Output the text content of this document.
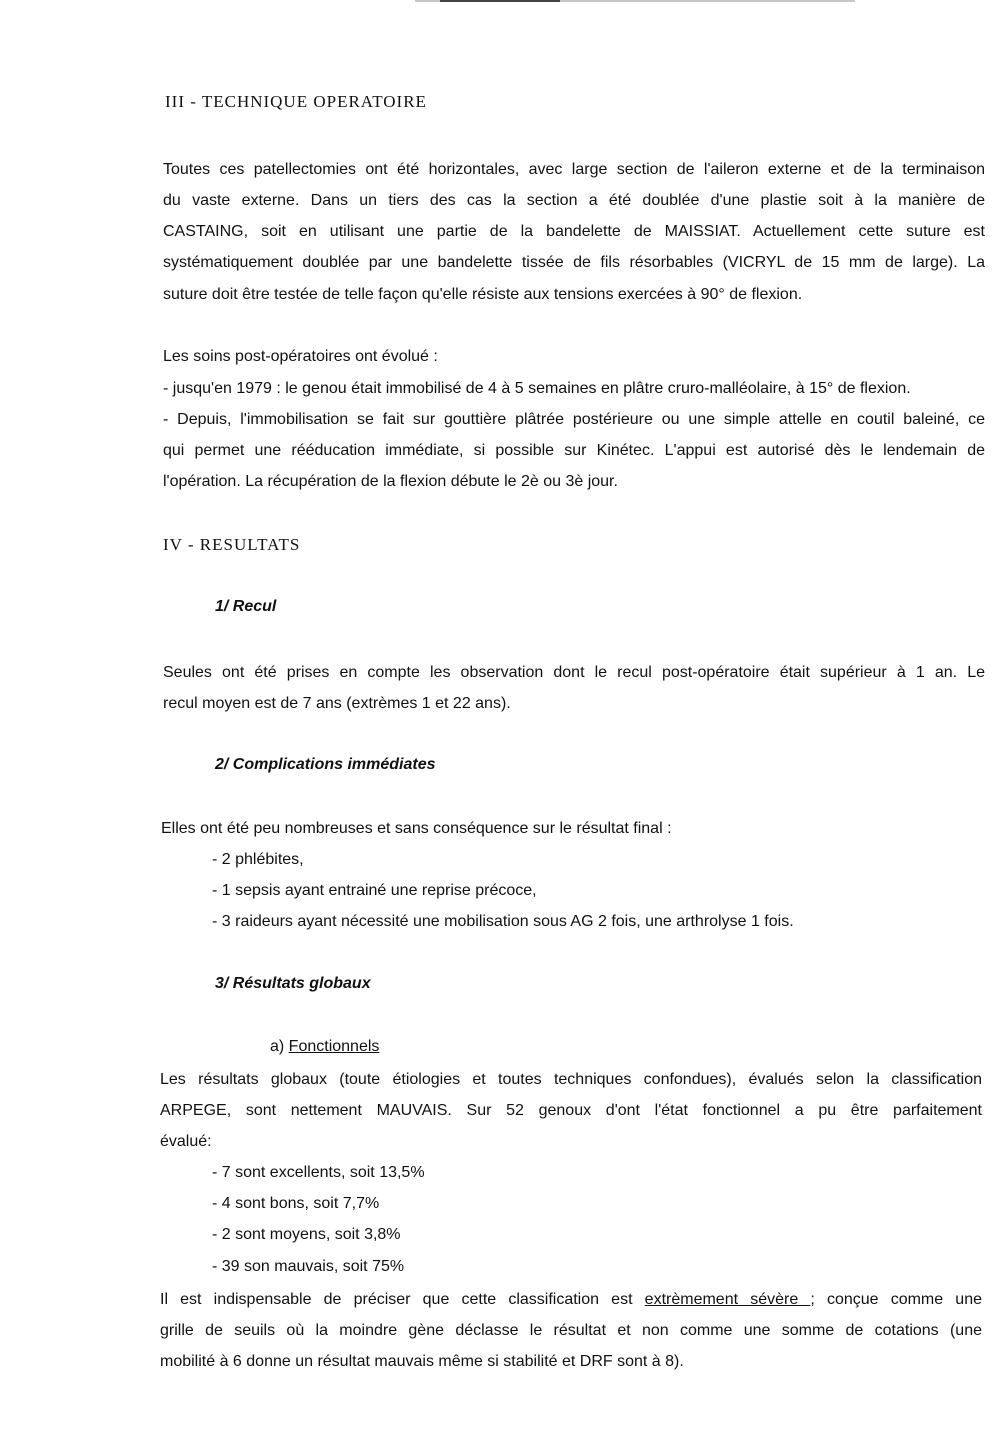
III - TECHNIQUE OPERATOIRE
Toutes ces patellectomies ont été horizontales, avec large section de l'aileron externe et de la terminaison
du vaste externe. Dans un tiers des cas la section a été doublée d'une plastie soit à la manière de
CASTAING, soit en utilisant une partie de la bandelette de MAISSIAT. Actuellement cette suture est
systématiquement doublée par une bandelette tissée de fils résorbables (VICRYL de 15 mm de large). La
suture doit être testée de telle façon qu'elle résiste aux tensions exercées à 90° de flexion.
Les soins post-opératoires ont évolué :
- jusqu'en 1979 : le genou était immobilisé de 4 à 5 semaines en plâtre cruro-malléolaire, à 15° de flexion.
- Depuis, l'immobilisation se fait sur gouttière plâtrée postérieure ou une simple attelle en coutil baleiné, ce
qui permet une rééducation immédiate, si possible sur Kinétec. L'appui est autorisé dès le lendemain de
l'opération. La récupération de la flexion débute le 2è ou 3è jour.
IV - RESULTATS
1/ Recul
Seules ont été prises en compte les observation dont le recul post-opératoire était supérieur à 1 an. Le
recul moyen est de 7 ans (extrèmes 1 et 22 ans).
2/ Complications immédiates
Elles ont été peu nombreuses et sans conséquence sur le résultat final :
- 2 phlébites,
- 1 sepsis ayant entrainé une reprise précoce,
- 3 raideurs ayant nécessité une mobilisation sous AG 2 fois, une arthrolyse 1 fois.
3/ Résultats globaux
a) Fonctionnels
Les résultats globaux (toute étiologies et toutes techniques confondues), évalués selon la classification
ARPEGE, sont nettement MAUVAIS. Sur 52 genoux d'ont l'état fonctionnel a pu être parfaitement
évalué:
- 7 sont excellents, soit 13,5%
- 4 sont bons, soit 7,7%
- 2 sont moyens, soit 3,8%
- 39 son mauvais, soit 75%
Il est indispensable de préciser que cette classification est extrèmement sévère ; conçue comme une
grille de seuils où la moindre gène déclasse le résultat et non comme une somme de cotations (une
mobilité à 6 donne un résultat mauvais même si stabilité et DRF sont à 8).
